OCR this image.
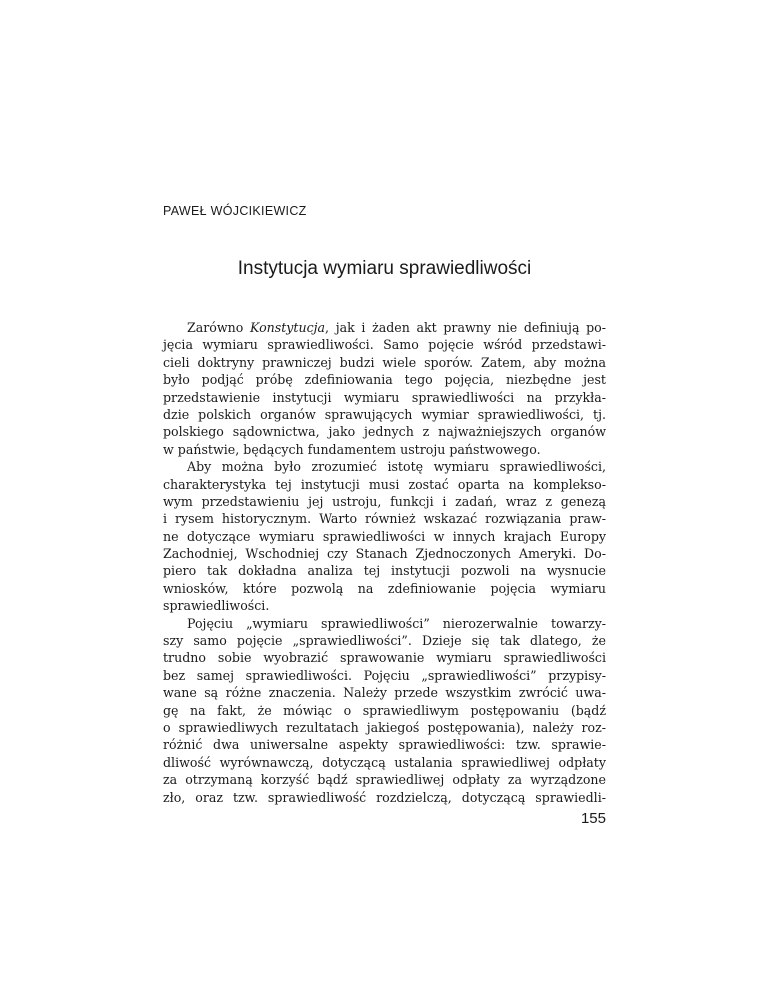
PAWEŁ WÓJCIKIEWICZ
Instytucja wymiaru sprawiedliwości
Zarówno Konstytucja, jak i żaden akt prawny nie definiują po-
jęcia wymiaru sprawiedliwości. Samo pojęcie wśród przedstawi-
cieli doktryny prawniczej budzi wiele sporów. Zatem, aby można
było podjąć próbę zdefiniowania tego pojęcia, niezbędne jest
przedstawienie instytucji wymiaru sprawiedliwości na przykła-
dzie polskich organów sprawujących wymiar sprawiedliwości, tj.
polskiego sądownictwa, jako jednych z najważniejszych organów
w państwie, będących fundamentem ustroju państwowego.
Aby można było zrozumieć istotę wymiaru sprawiedliwości,
charakterystyka tej instytucji musi zostać oparta na komplekso-
wym przedstawieniu jej ustroju, funkcji i zadań, wraz z genezą
i rysem historycznym. Warto również wskazać rozwiązania praw-
ne dotyczące wymiaru sprawiedliwości w innych krajach Europy
Zachodniej, Wschodniej czy Stanach Zjednoczonych Ameryki. Do-
piero tak dokładna analiza tej instytucji pozwoli na wysnucie
wniosków, które pozwolą na zdefiniowanie pojęcia wymiaru
sprawiedliwości.
Pojęciu „wymiaru sprawiedliwości” nierozerwalnie towarzy-
szy samo pojęcie „sprawiedliwości”. Dzieje się tak dlatego, że
trudno sobie wyobrazić sprawowanie wymiaru sprawiedliwości
bez samej sprawiedliwości. Pojęciu „sprawiedliwości” przypisy-
wane są różne znaczenia. Należy przede wszystkim zwrócić uwa-
gę na fakt, że mówiąc o sprawiedliwym postępowaniu (bądź
o sprawiedliwych rezultatach jakiegoś postępowania), należy roz-
różnić dwa uniwersalne aspekty sprawiedliwości: tzw. sprawie-
dliwość wyrównawczą, dotyczącą ustalania sprawiedliwej odpłaty
za otrzymaną korzyść bądź sprawiedliwej odpłaty za wyrządzone
zło, oraz tzw. sprawiedliwość rozdzielczą, dotyczącą sprawiedli-
155
